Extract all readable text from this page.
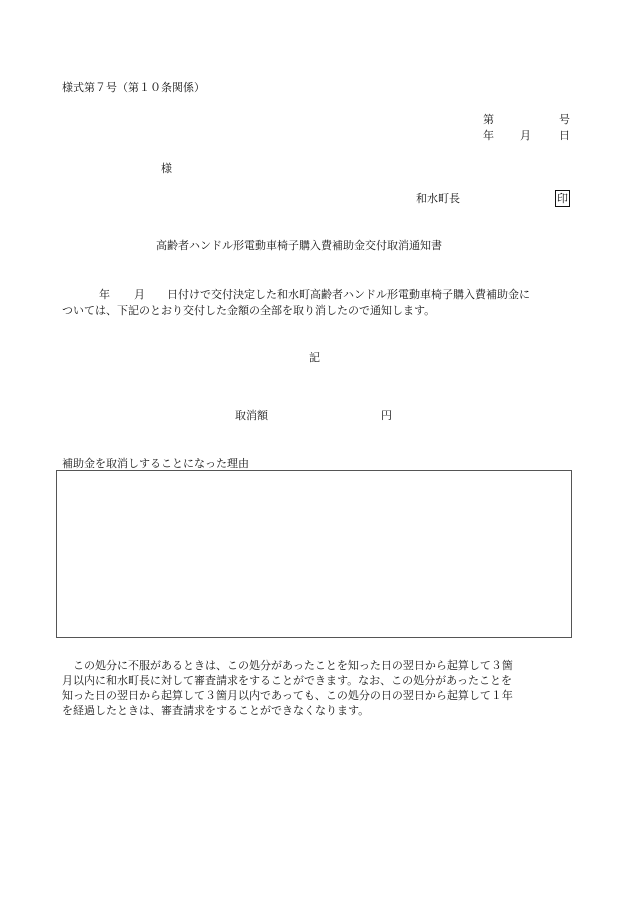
様式第７号（第１０条関係）
第	号
年 月	日
様
和水町長	印
高齢者ハンドル形電動車椅子購入費補助金交付取消通知書
　年 月 日付けで交付決定した和水町高齢者ハンドル形電動車椅子購入費補助金に
ついては、下記のとおり交付した金額の全部を取り消したので通知します。
記
取消額	円
補助金を取消しすることになった理由
　この処分に不服があるときは、この処分があったことを知った日の翌日から起算して３箇
月以内に和水町長に対して審査請求をすることができます。なお、この処分があったことを
知った日の翌日から起算して３箇月以内であっても、この処分の日の翌日から起算して１年
を経過したときは、審査請求をすることができなくなります。
